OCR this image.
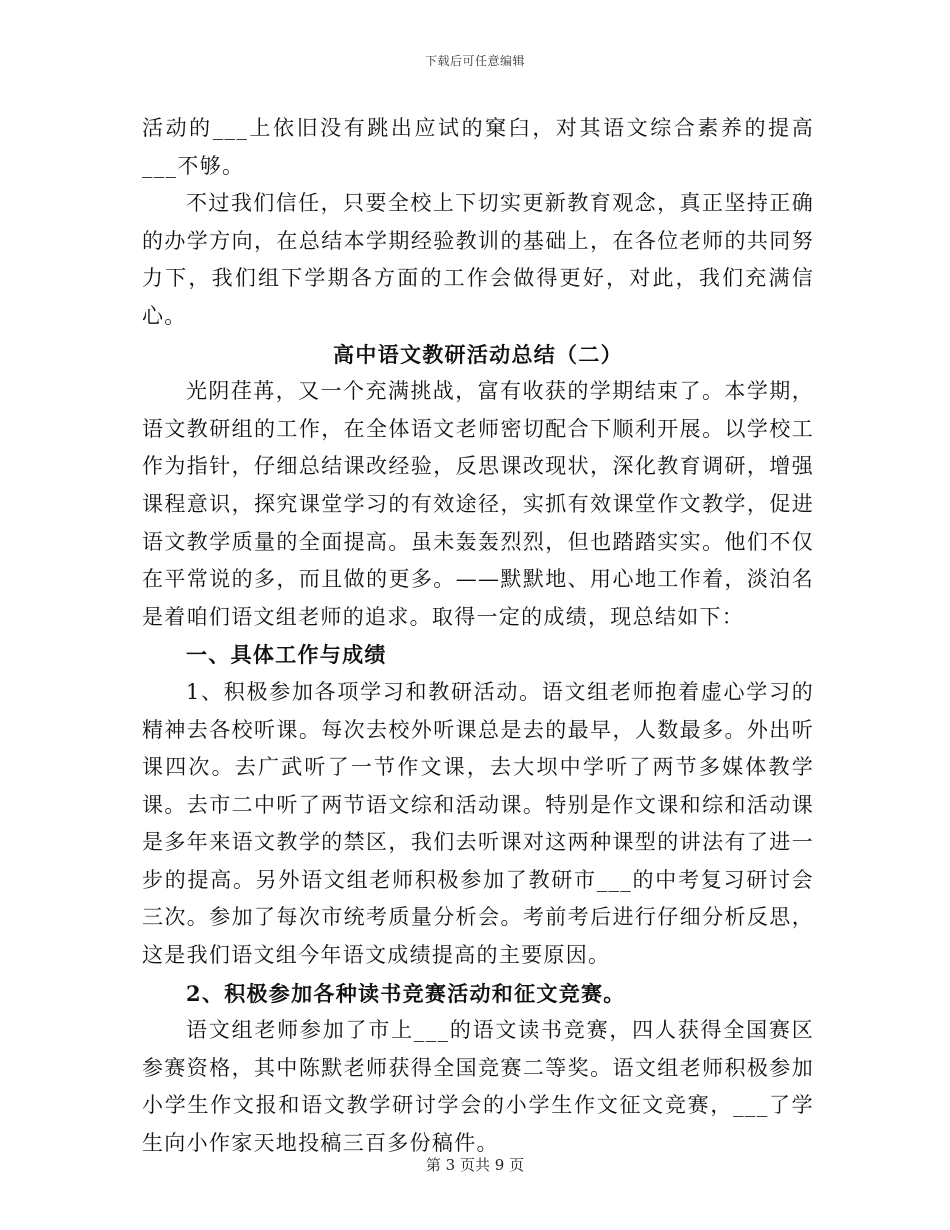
下载后可任意编辑

活动的___上依旧没有跳出应试的窠臼，对其语文综合素养的提高___不够。

不过我们信任，只要全校上下切实更新教育观念，真正坚持正确的办学方向，在总结本学期经验教训的基础上，在各位老师的共同努力下，我们组下学期各方面的工作会做得更好，对此，我们充满信心。

高中语文教研活动总结（二）

光阴荏苒，又一个充满挑战，富有收获的学期结束了。本学期，语文教研组的工作，在全体语文老师密切配合下顺利开展。以学校工作为指针，仔细总结课改经验，反思课改现状，深化教育调研，增强课程意识，探究课堂学习的有效途径，实抓有效课堂作文教学，促进语文教学质量的全面提高。虽未轰轰烈烈，但也踏踏实实。他们不仅在平常说的多，而且做的更多。——默默地、用心地工作着，淡泊名是着咱们语文组老师的追求。取得一定的成绩，现总结如下：

一、具体工作与成绩

1、积极参加各项学习和教研活动。语文组老师抱着虚心学习的精神去各校听课。每次去校外听课总是去的最早，人数最多。外出听课四次。去广武听了一节作文课，去大坝中学听了两节多媒体教学课。去市二中听了两节语文综和活动课。特别是作文课和综和活动课是多年来语文教学的禁区，我们去听课对这两种课型的讲法有了进一步的提高。另外语文组老师积极参加了教研市___的中考复习研讨会三次。参加了每次市统考质量分析会。考前考后进行仔细分析反思，这是我们语文组今年语文成绩提高的主要原因。

2、积极参加各种读书竞赛活动和征文竞赛。

语文组老师参加了市上___的语文读书竞赛，四人获得全国赛区参赛资格，其中陈默老师获得全国竞赛二等奖。语文组老师积极参加小学生作文报和语文教学研讨学会的小学生作文征文竞赛，___了学生向小作家天地投稿三百多份稿件。

第 3 页共 9 页
